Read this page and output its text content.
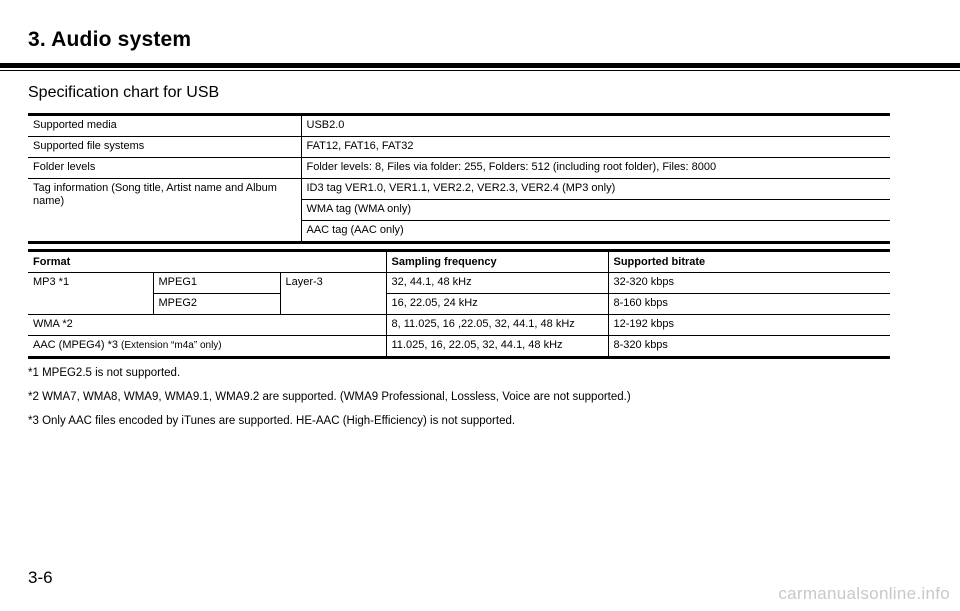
3. Audio system
Specification chart for USB
Supported media	USB2.0
Supported file systems	FAT12, FAT16, FAT32
Folder levels	Folder levels: 8, Files via folder: 255, Folders: 512 (including root folder), Files: 8000
Tag information (Song title, Artist name and Album name)	ID3 tag VER1.0, VER1.1, VER2.2, VER2.3, VER2.4 (MP3 only)
	WMA tag (WMA only)
	AAC tag (AAC only)
Format			Sampling frequency	Supported bitrate
MP3 *1	MPEG1	Layer-3	32, 44.1, 48 kHz	32-320 kbps
	MPEG2		16, 22.05, 24 kHz	8-160 kbps
WMA *2			8, 11.025, 16 ,22.05, 32, 44.1, 48 kHz	12-192 kbps
AAC (MPEG4) *3 (Extension “m4a” only)			11.025, 16, 22.05, 32, 44.1, 48 kHz	8-320 kbps

*1 MPEG2.5 is not supported.

*2 WMA7, WMA8, WMA9, WMA9.1, WMA9.2 are supported. (WMA9 Professional, Lossless, Voice are not supported.)

*3 Only AAC files encoded by iTunes are supported. HE-AAC (High-Efficiency) is not supported.

3-6
carmanualsonline.info
